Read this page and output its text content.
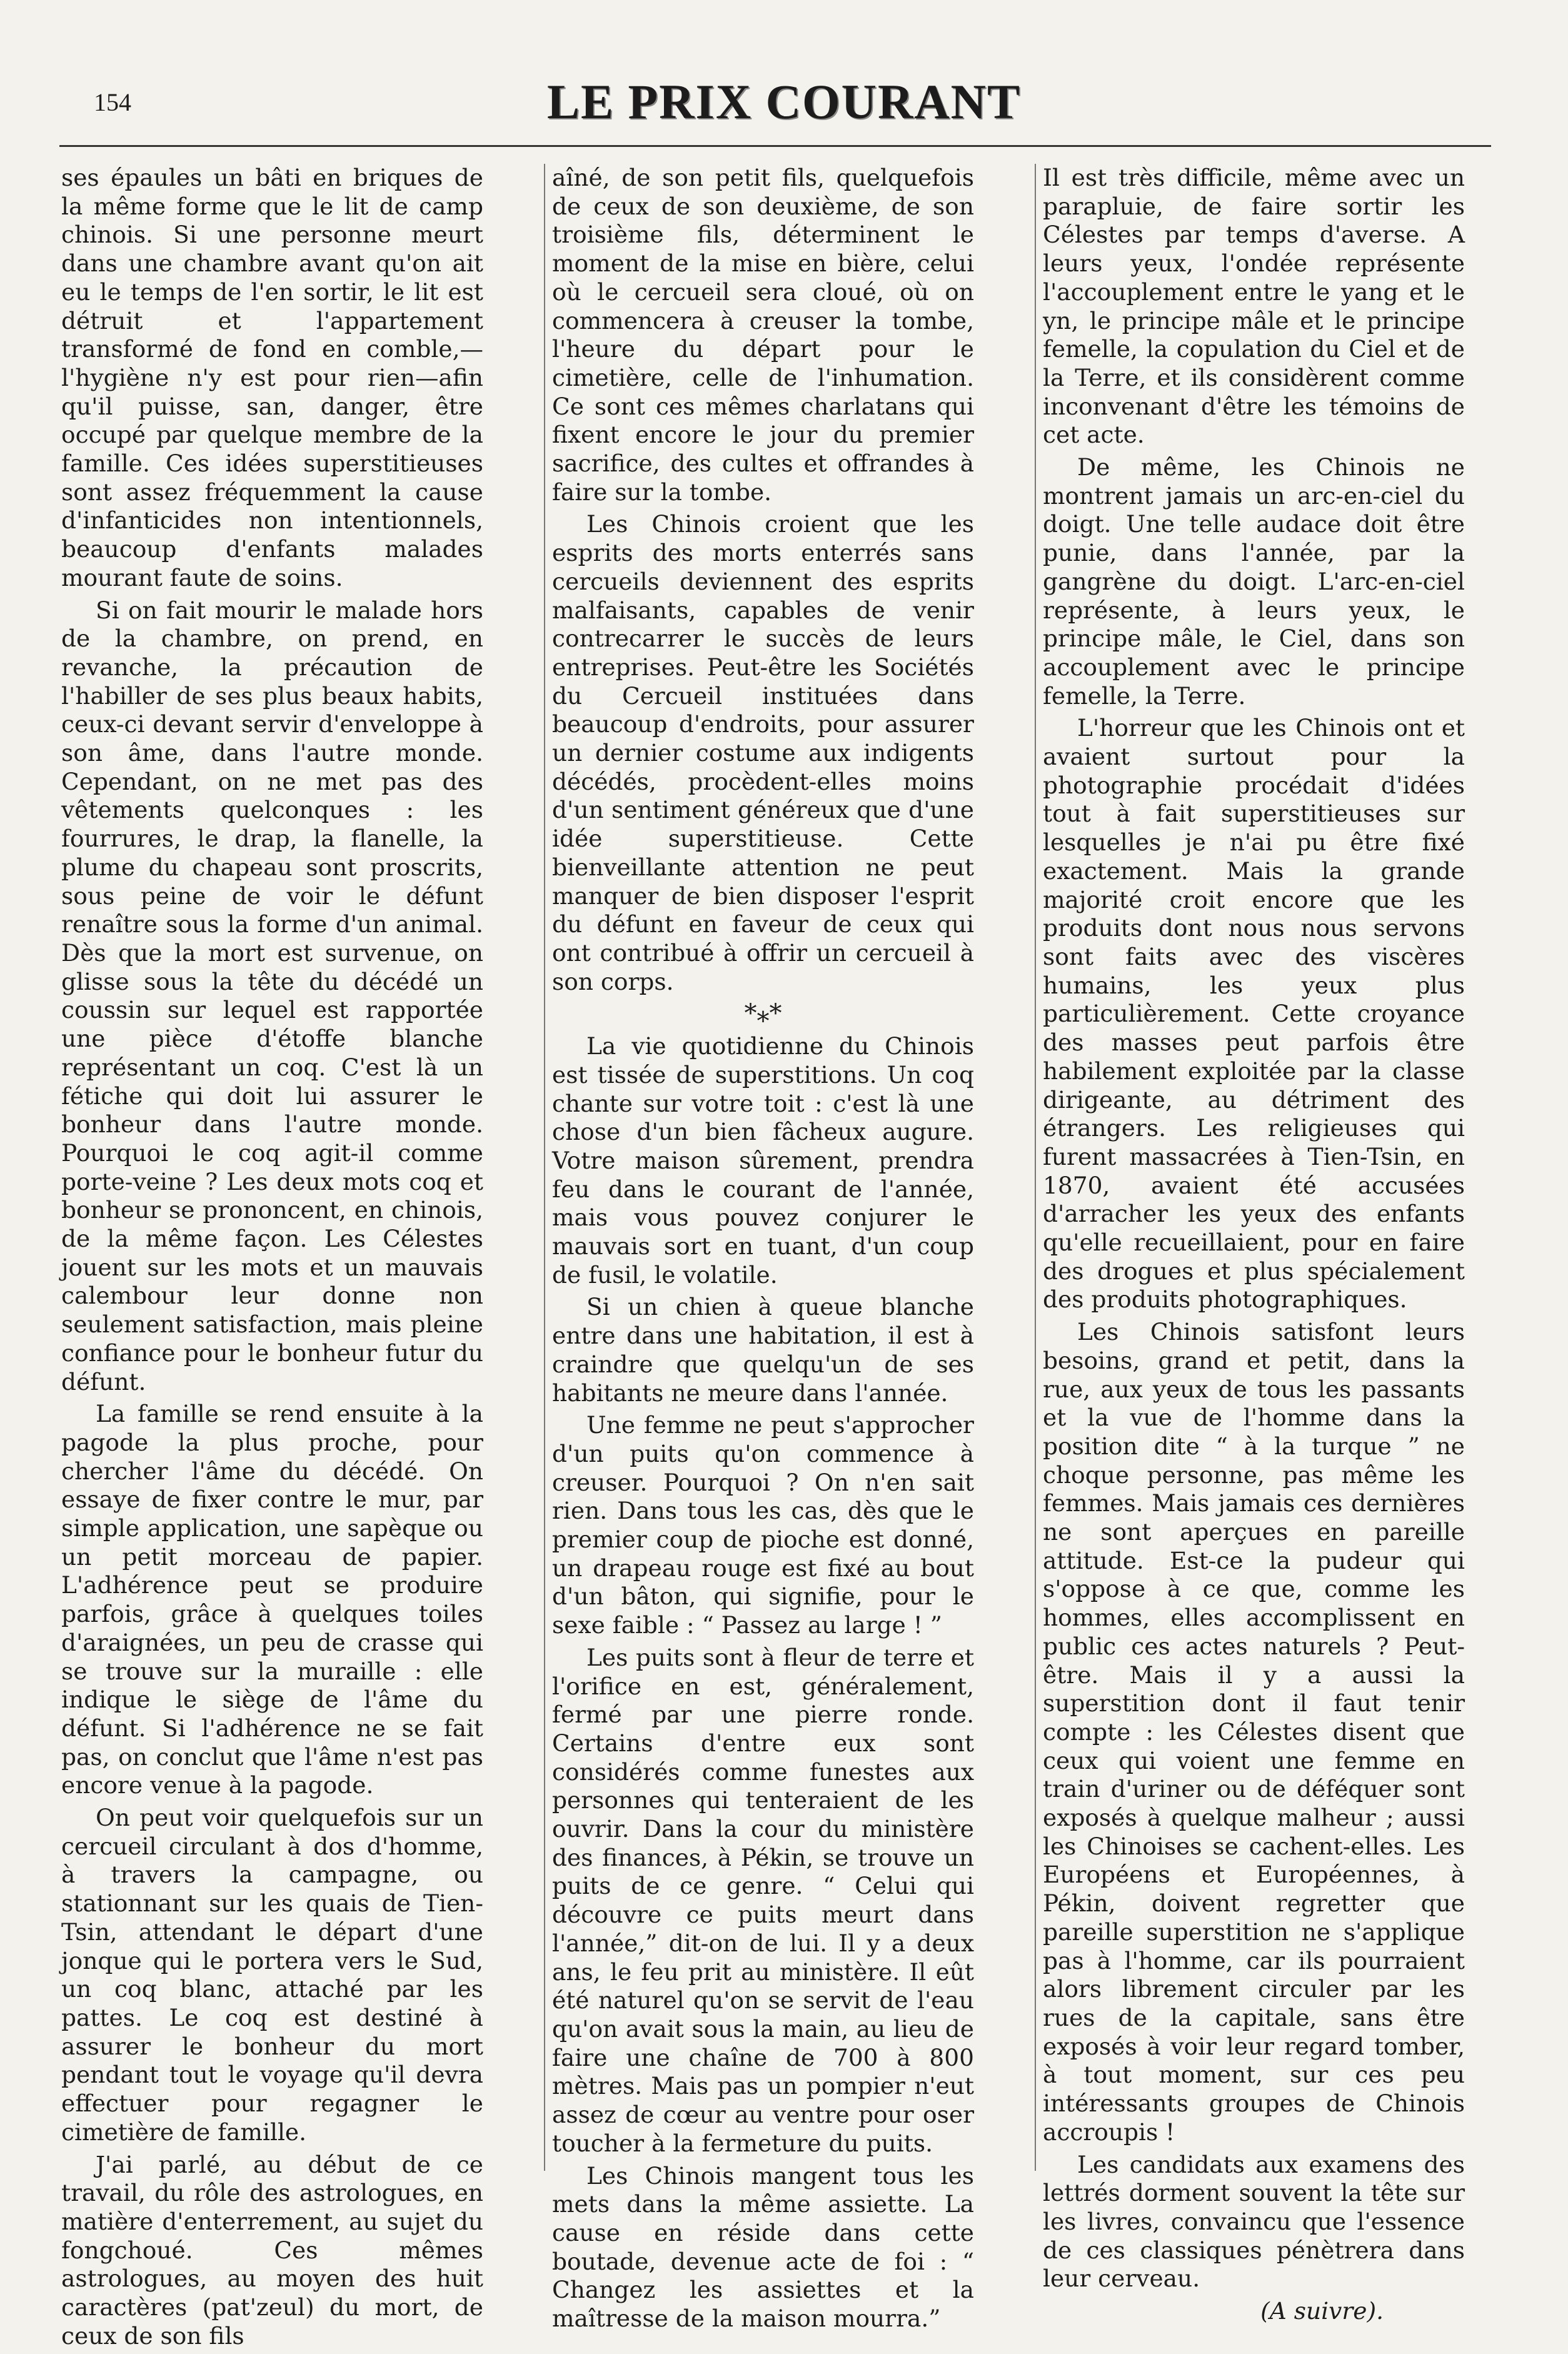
154	LE PRIX COURANT

ses épaules un bâti en briques de la même forme que le lit de camp chinois. Si une personne meurt dans une chambre avant qu'on ait eu le temps de l'en sortir, le lit est détruit et l'appartement transformé de fond en comble,—l'hygiène n'y est pour rien—afin qu'il puisse, san, danger, être occupé par quelque membre de la famille. Ces idées superstitieuses sont assez fréquemment la cause d'infanticides non intentionnels, beaucoup d'enfants malades mourant faute de soins.

Si on fait mourir le malade hors de la chambre, on prend, en revanche, la précaution de l'habiller de ses plus beaux habits, ceux-ci devant servir d'enveloppe à son âme, dans l'autre monde. Cependant, on ne met pas des vêtements quelconques : les fourrures, le drap, la flanelle, la plume du chapeau sont proscrits, sous peine de voir le défunt renaître sous la forme d'un animal. Dès que la mort est survenue, on glisse sous la tête du décédé un coussin sur lequel est rapportée une pièce d'étoffe blanche représentant un coq. C'est là un fétiche qui doit lui assurer le bonheur dans l'autre monde. Pourquoi le coq agit-il comme porte-veine ? Les deux mots coq et bonheur se prononcent, en chinois, de la même façon. Les Célestes jouent sur les mots et un mauvais calembour leur donne non seulement satisfaction, mais pleine confiance pour le bonheur futur du défunt.

La famille se rend ensuite à la pagode la plus proche, pour chercher l'âme du décédé. On essaye de fixer contre le mur, par simple application, une sapèque ou un petit morceau de papier. L'adhérence peut se produire parfois, grâce à quelques toiles d'araignées, un peu de crasse qui se trouve sur la muraille : elle indique le siège de l'âme du défunt. Si l'adhérence ne se fait pas, on conclut que l'âme n'est pas encore venue à la pagode.

On peut voir quelquefois sur un cercueil circulant à dos d'homme, à travers la campagne, ou stationnant sur les quais de Tien-Tsin, attendant le départ d'une jonque qui le portera vers le Sud, un coq blanc, attaché par les pattes. Le coq est destiné à assurer le bonheur du mort pendant tout le voyage qu'il devra effectuer pour regagner le cimetière de famille.

J'ai parlé, au début de ce travail, du rôle des astrologues, en matière d'enterrement, au sujet du fongchoué. Ces mêmes astrologues, au moyen des huit caractères (pat'zeul) du mort, de ceux de son fils

aîné, de son petit fils, quelquefois de ceux de son deuxième, de son troisième fils, déterminent le moment de la mise en bière, celui où le cercueil sera cloué, où on commencera à creuser la tombe, l'heure du départ pour le cimetière, celle de l'inhumation. Ce sont ces mêmes charlatans qui fixent encore le jour du premier sacrifice, des cultes et offrandes à faire sur la tombe.

Les Chinois croient que les esprits des morts enterrés sans cercueils deviennent des esprits malfaisants, capables de venir contrecarrer le succès de leurs entreprises. Peut-être les Sociétés du Cercueil instituées dans beaucoup d'endroits, pour assurer un dernier costume aux indigents décédés, procèdent-elles moins d'un sentiment généreux que d'une idée superstitieuse. Cette bienveillante attention ne peut manquer de bien disposer l'esprit du défunt en faveur de ceux qui ont contribué à offrir un cercueil à son corps.

*⁎*

La vie quotidienne du Chinois est tissée de superstitions. Un coq chante sur votre toit : c'est là une chose d'un bien fâcheux augure. Votre maison sûrement, prendra feu dans le courant de l'année, mais vous pouvez conjurer le mauvais sort en tuant, d'un coup de fusil, le volatile.

Si un chien à queue blanche entre dans une habitation, il est à craindre que quelqu'un de ses habitants ne meure dans l'année.

Une femme ne peut s'approcher d'un puits qu'on commence à creuser. Pourquoi ? On n'en sait rien. Dans tous les cas, dès que le premier coup de pioche est donné, un drapeau rouge est fixé au bout d'un bâton, qui signifie, pour le sexe faible : “ Passez au large ! ”

Les puits sont à fleur de terre et l'orifice en est, généralement, fermé par une pierre ronde. Certains d'entre eux sont considérés comme funestes aux personnes qui tenteraient de les ouvrir. Dans la cour du ministère des finances, à Pékin, se trouve un puits de ce genre. “ Celui qui découvre ce puits meurt dans l'année,” dit-on de lui. Il y a deux ans, le feu prit au ministère. Il eût été naturel qu'on se servit de l'eau qu'on avait sous la main, au lieu de faire une chaîne de 700 à 800 mètres. Mais pas un pompier n'eut assez de cœur au ventre pour oser toucher à la fermeture du puits.

Les Chinois mangent tous les mets dans la même assiette. La cause en réside dans cette boutade, devenue acte de foi : “ Changez les assiettes et la maîtresse de la maison mourra.”

Il est très difficile, même avec un parapluie, de faire sortir les Célestes par temps d'averse. A leurs yeux, l'ondée représente l'accouplement entre le yang et le yn, le principe mâle et le principe femelle, la copulation du Ciel et de la Terre, et ils considèrent comme inconvenant d'être les témoins de cet acte.

De même, les Chinois ne montrent jamais un arc-en-ciel du doigt. Une telle audace doit être punie, dans l'année, par la gangrène du doigt. L'arc-en-ciel représente, à leurs yeux, le principe mâle, le Ciel, dans son accouplement avec le principe femelle, la Terre.

L'horreur que les Chinois ont et avaient surtout pour la photographie procédait d'idées tout à fait superstitieuses sur lesquelles je n'ai pu être fixé exactement. Mais la grande majorité croit encore que les produits dont nous nous servons sont faits avec des viscères humains, les yeux plus particulièrement. Cette croyance des masses peut parfois être habilement exploitée par la classe dirigeante, au détriment des étrangers. Les religieuses qui furent massacrées à Tien-Tsin, en 1870, avaient été accusées d'arracher les yeux des enfants qu'elle recueillaient, pour en faire des drogues et plus spécialement des produits photographiques.

Les Chinois satisfont leurs besoins, grand et petit, dans la rue, aux yeux de tous les passants et la vue de l'homme dans la position dite “ à la turque ” ne choque personne, pas même les femmes. Mais jamais ces dernières ne sont aperçues en pareille attitude. Est-ce la pudeur qui s'oppose à ce que, comme les hommes, elles accomplissent en public ces actes naturels ? Peut-être. Mais il y a aussi la superstition dont il faut tenir compte : les Célestes disent que ceux qui voient une femme en train d'uriner ou de déféquer sont exposés à quelque malheur ; aussi les Chinoises se cachent-elles. Les Européens et Européennes, à Pékin, doivent regretter que pareille superstition ne s'applique pas à l'homme, car ils pourraient alors librement circuler par les rues de la capitale, sans être exposés à voir leur regard tomber, à tout moment, sur ces peu intéressants groupes de Chinois accroupis !

Les candidats aux examens des lettrés dorment souvent la tête sur les livres, convaincu que l'essence de ces classiques pénètrera dans leur cerveau.

(A suivre).
